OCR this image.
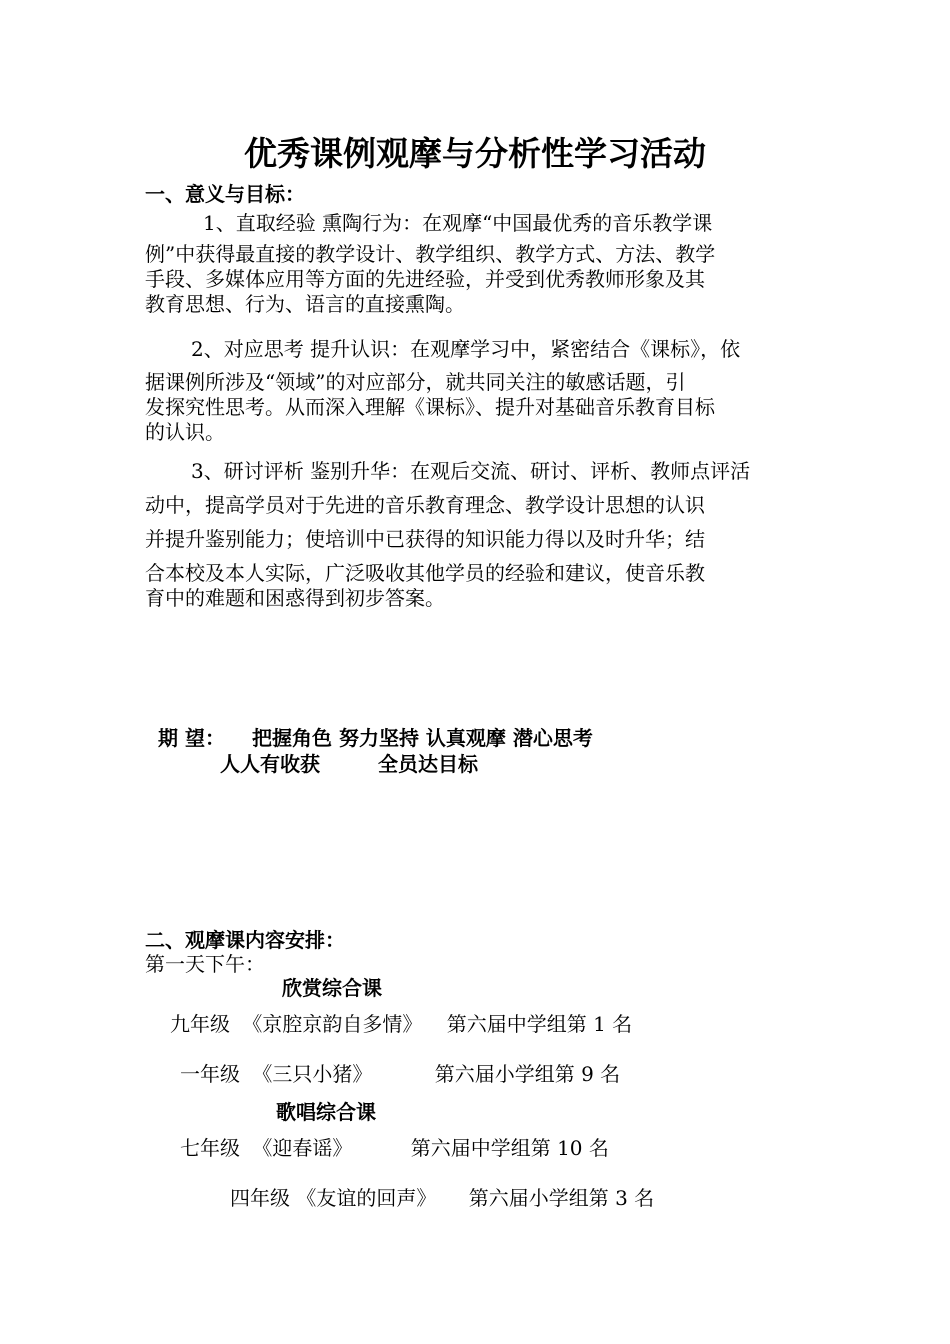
优秀课例观摩与分析性学习活动
一、意义与目标：
1、直取经验 熏陶行为：在观摩“中国最优秀的音乐教学课
例”中获得最直接的教学设计、教学组织、教学方式、方法、教学
手段、多媒体应用等方面的先进经验，并受到优秀教师形象及其
教育思想、行为、语言的直接熏陶。
2、对应思考 提升认识：在观摩学习中，紧密结合《课标》，依
据课例所涉及“领域”的对应部分，就共同关注的敏感话题，引
发探究性思考。从而深入理解《课标》、提升对基础音乐教育目标
的认识。
3、研讨评析 鉴别升华：在观后交流、研讨、评析、教师点评活
动中，提高学员对于先进的音乐教育理念、教学设计思想的认识
并提升鉴别能力；使培训中已获得的知识能力得以及时升华；结
合本校及本人实际，广泛吸收其他学员的经验和建议，使音乐教
育中的难题和困惑得到初步答案。
期 望： 把握角色 努力坚持 认真观摩 潜心思考
人人有收获	全员达目标
二、观摩课内容安排：
第一天下午：
欣赏综合课
九年级 《京腔京韵自多情》 第六届中学组第 1 名
一年级 《三只小猪》	第六届小学组第 9 名
歌唱综合课
七年级 《迎春谣》	第六届中学组第 10 名
四年级 《友谊的回声》 第六届小学组第 3 名
